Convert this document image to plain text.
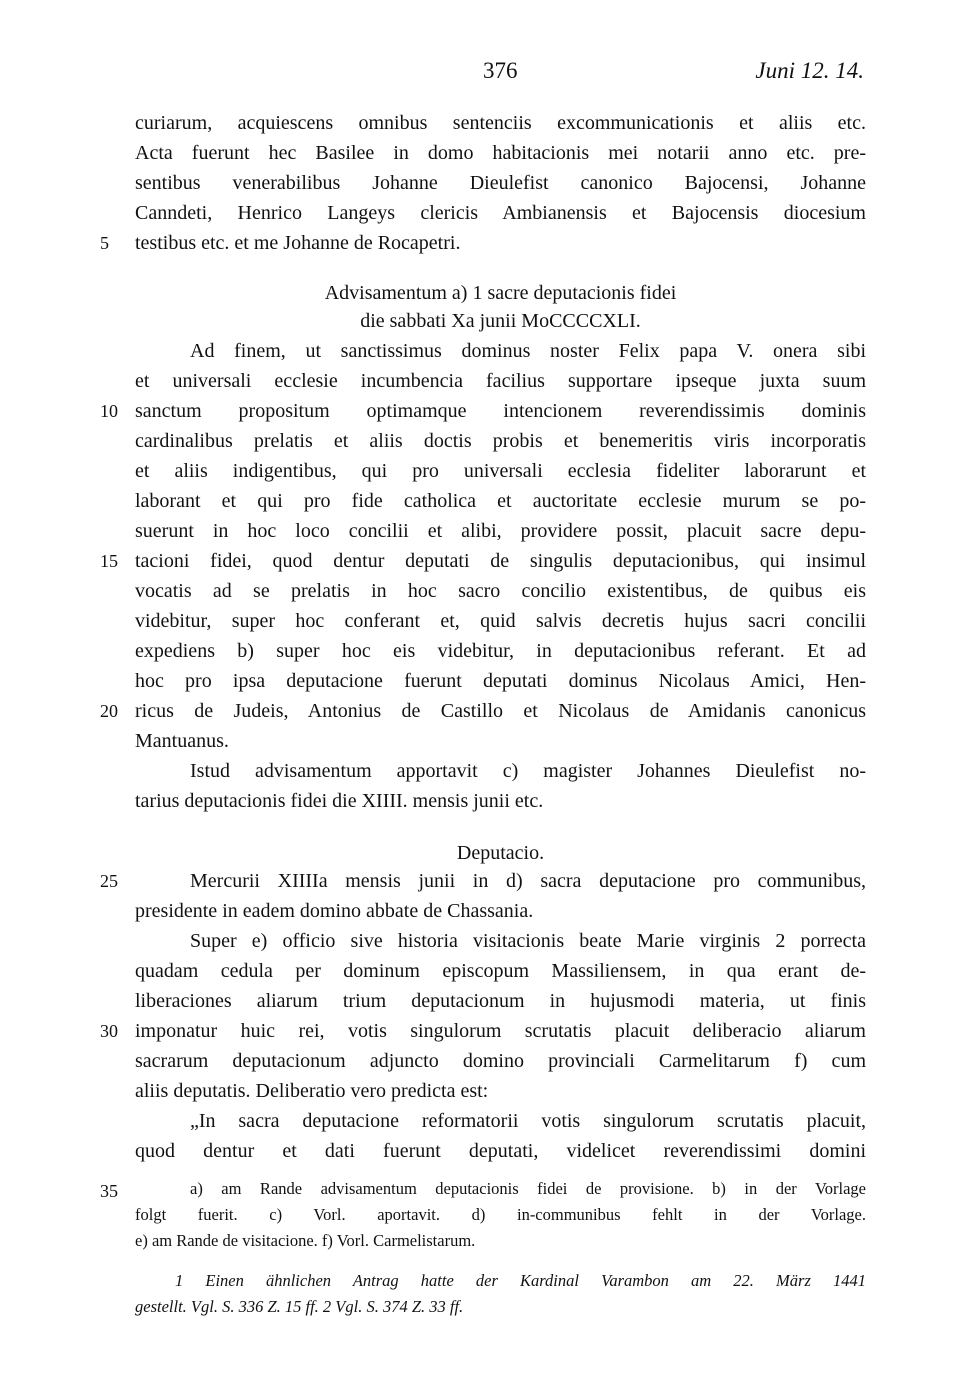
376	Juni 12. 14.
curiarum, acquiescens omnibus sentenciis excommunicationis et aliis etc.
Acta fuerunt hec Basilee in domo habitacionis mei notarii anno etc. pre-
sentibus venerabilibus Johanne Dieulefist canonico Bajocensi, Johanne
Canndeti, Henrico Langeys clericis Ambianensis et Bajocensis diocesium
testibus etc. et me Johanne de Rocapetri.
Advisamentum a) 1 sacre deputacionis fidei
die sabbati Xa junii MoCCCCXLI.
Ad finem, ut sanctissimus dominus noster Felix papa V. onera sibi
et universali ecclesie incumbencia facilius supportare ipseque juxta suum
sanctum propositum optimamque intencionem reverendissimis dominis
cardinalibus prelatis et aliis doctis probis et benemeritis viris incorporatis
et aliis indigentibus, qui pro universali ecclesia fideliter laborarunt et
laborant et qui pro fide catholica et auctoritate ecclesie murum se po-
suerunt in hoc loco concilii et alibi, providere possit, placuit sacre depu-
tacioni fidei, quod dentur deputati de singulis deputacionibus, qui insimul
vocatis ad se prelatis in hoc sacro concilio existentibus, de quibus eis
videbitur, super hoc conferant et, quid salvis decretis hujus sacri concilii
expediens b) super hoc eis videbitur, in deputacionibus referant. Et ad
hoc pro ipsa deputacione fuerunt deputati dominus Nicolaus Amici, Hen-
ricus de Judeis, Antonius de Castillo et Nicolaus de Amidanis canonicus
Mantuanus.
Istud advisamentum apportavit c) magister Johannes Dieulefist no-
tarius deputacionis fidei die XIIII. mensis junii etc.
Deputacio.
Mercurii XIIIIa mensis junii in d) sacra deputacione pro communibus,
presidente in eadem domino abbate de Chassania.
Super e) officio sive historia visitacionis beate Marie virginis 2 porrecta
quadam cedula per dominum episcopum Massiliensem, in qua erant de-
liberaciones aliarum trium deputacionum in hujusmodi materia, ut finis
imponatur huic rei, votis singulorum scrutatis placuit deliberacio aliarum
sacrarum deputacionum adjuncto domino provinciali Carmelitarum f) cum
aliis deputatis. Deliberatio vero predicta est:
„In sacra deputacione reformatorii votis singulorum scrutatis placuit,
quod dentur et dati fuerunt deputati, videlicet reverendissimi domini
5
10
15
20
25
30
35	a) am Rande advisamentum deputacionis fidei de provisione. b) in der Vorlage
folgt fuerit. c) Vorl. aportavit. d) in-communibus fehlt in der Vorlage.
e) am Rande de visitacione. f) Vorl. Carmelistarum.
1 Einen ähnlichen Antrag hatte der Kardinal Varambon am 22. März 1441
gestellt. Vgl. S. 336 Z. 15 ff. 2 Vgl. S. 374 Z. 33 ff.
